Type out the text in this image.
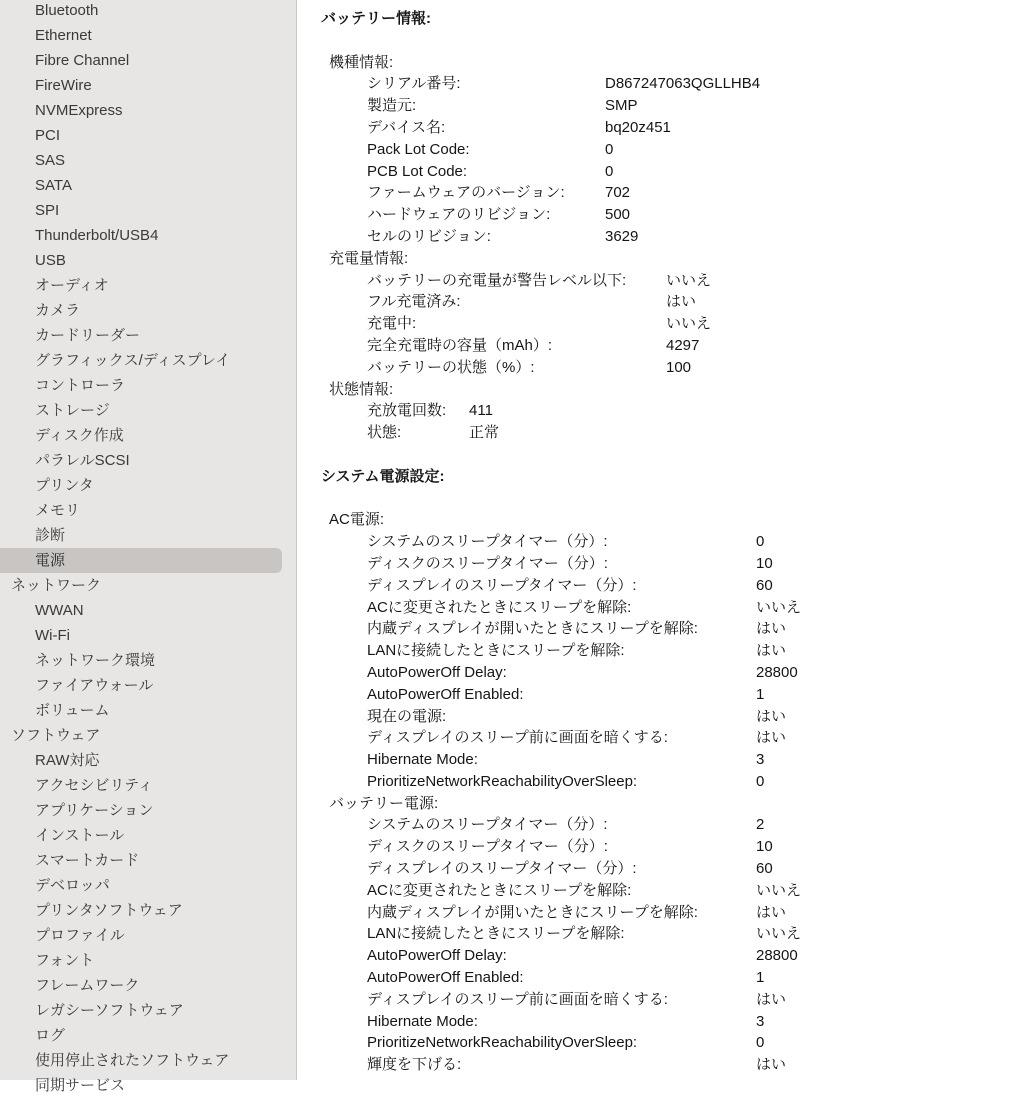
Bluetooth
Ethernet
Fibre Channel
FireWire
NVMExpress
PCI
SAS
SATA
SPI
Thunderbolt/USB4
USB
オーディオ
カメラ
カードリーダー
グラフィックス/ディスプレイ
コントローラ
ストレージ
ディスク作成
パラレルSCSI
プリンタ
メモリ
診断
電源
ネットワーク
WWAN
Wi-Fi
ネットワーク環境
ファイアウォール
ボリューム
ソフトウェア
RAW対応
アクセシビリティ
アプリケーション
インストール
スマートカード
デベロッパ
プリンタソフトウェア
プロファイル
フォント
フレームワーク
レガシーソフトウェア
ログ
使用停止されたソフトウェア
同期サービス
バッテリー情報:
機種情報:
シリアル番号:	D867247063QGLLHB4
製造元:	SMP
デバイス名:	bq20z451
Pack Lot Code:	0
PCB Lot Code:	0
ファームウェアのバージョン:	702
ハードウェアのリビジョン:	500
セルのリビジョン:	3629
充電量情報:
バッテリーの充電量が警告レベル以下:	いいえ
フル充電済み:	はい
充電中:	いいえ
完全充電時の容量（mAh）:	4297
バッテリーの状態（%）:	100
状態情報:
充放電回数:	411
状態:	正常
システム電源設定:
AC電源:
システムのスリープタイマー（分）:	0
ディスクのスリープタイマー（分）:	10
ディスプレイのスリープタイマー（分）:	60
ACに変更されたときにスリープを解除:	いいえ
内蔵ディスプレイが開いたときにスリープを解除:	はい
LANに接続したときにスリープを解除:	はい
AutoPowerOff Delay:	28800
AutoPowerOff Enabled:	1
現在の電源:	はい
ディスプレイのスリープ前に画面を暗くする:	はい
Hibernate Mode:	3
PrioritizeNetworkReachabilityOverSleep:	0
バッテリー電源:
システムのスリープタイマー（分）:	2
ディスクのスリープタイマー（分）:	10
ディスプレイのスリープタイマー（分）:	60
ACに変更されたときにスリープを解除:	いいえ
内蔵ディスプレイが開いたときにスリープを解除:	はい
LANに接続したときにスリープを解除:	いいえ
AutoPowerOff Delay:	28800
AutoPowerOff Enabled:	1
ディスプレイのスリープ前に画面を暗くする:	はい
Hibernate Mode:	3
PrioritizeNetworkReachabilityOverSleep:	0
輝度を下げる:	はい
